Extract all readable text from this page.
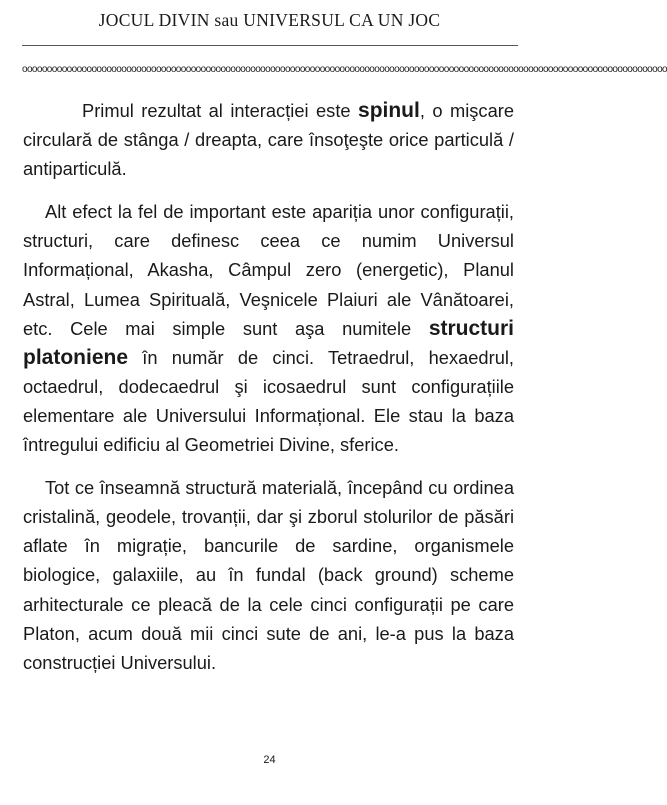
JOCUL DIVIN sau UNIVERSUL CA UN JOC
oooooooooooooooooooooooooooooooooooooooooooooooooooooooooooooooooooooooooooooooooooooooooooooooooooooooooooooooooooooooooooooooooo

Primul rezultat al interacției este spinul, o mişcare circulară de stânga / dreapta, care însoţeşte orice particulă / antiparticulă.

Alt efect la fel de important este apariția unor configurații, structuri, care definesc ceea ce numim Universul Informațional, Akasha, Câmpul zero (energetic), Planul Astral, Lumea Spirituală, Veşnicele Plaiuri ale Vânătoarei, etc. Cele mai simple sunt aşa numitele structuri platoniene în număr de cinci. Tetraedrul, hexaedrul, octaedrul, dodecaedrul şi icosaedrul sunt configurațiile elementare ale Universului Informațional. Ele stau la baza întregului edificiu al Geometriei Divine, sferice.

Tot ce înseamnă structură materială, începând cu ordinea cristalină, geodele, trovanții, dar şi zborul stolurilor de păsări aflate în migrație, bancurile de sardine, organismele biologice, galaxiile, au în fundal (back ground) scheme arhitecturale ce pleacă de la cele cinci configurații pe care Platon, acum două mii cinci sute de ani, le-a pus la baza construcției Universului.

24
